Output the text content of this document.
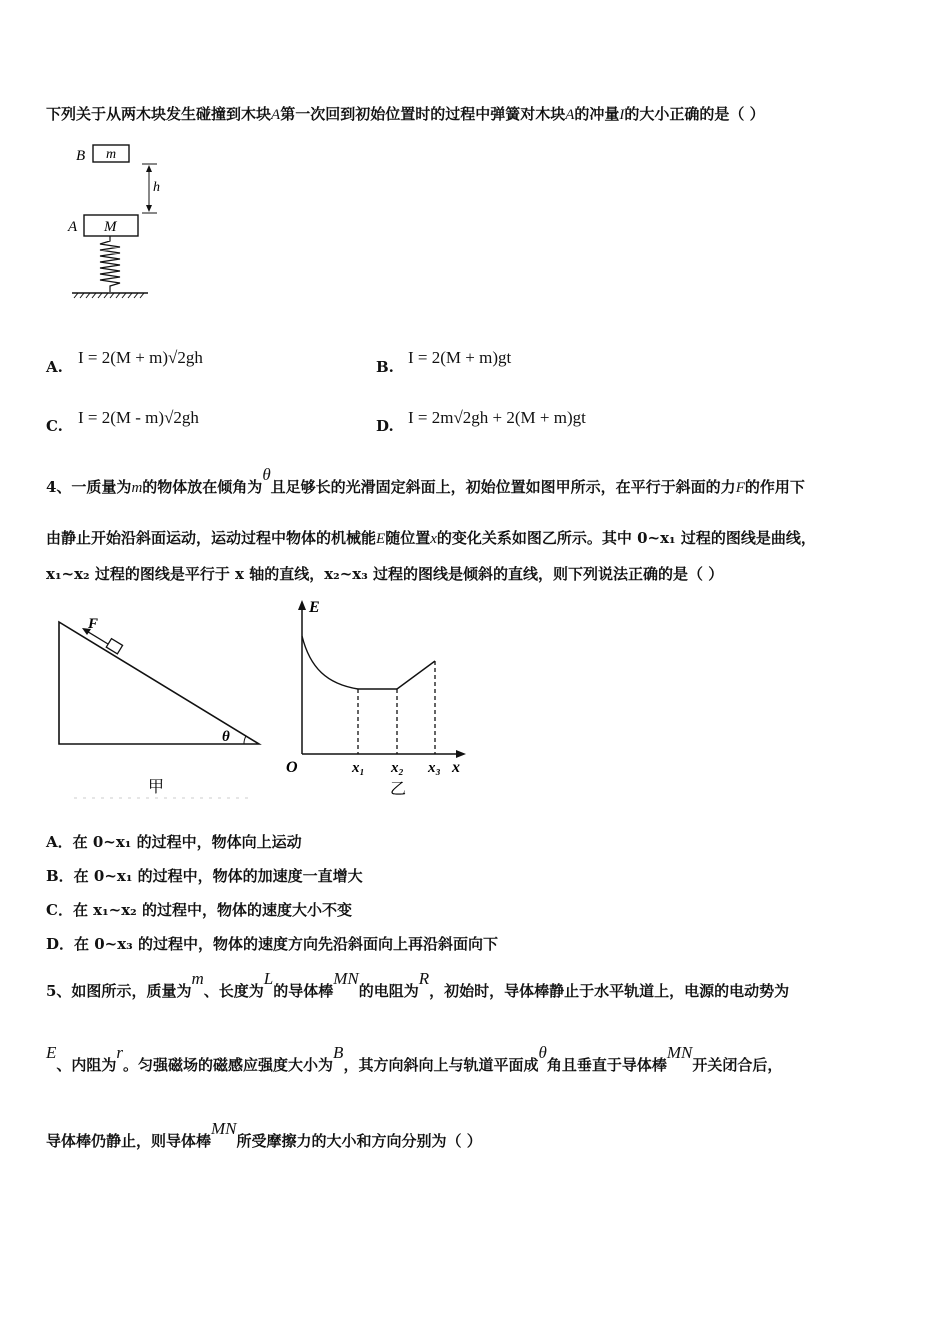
下列关于从两木块发生碰撞到木块A第一次回到初始位置时的过程中弹簧对木块A的冲量I的大小正确的是（ ）
B m
h
A M
A. I = 2(M + m)√2gh	B. I = 2(M + m)gt
C. I = 2(M - m)√2gh	D. I = 2m√2gh + 2(M + m)gt
4、一质量为m的物体放在倾角为θ且足够长的光滑固定斜面上，初始位置如图甲所示，在平行于斜面的力F的作用下
由静止开始沿斜面运动，运动过程中物体的机械能E随位置x的变化关系如图乙所示。其中 0~x₁ 过程的图线是曲线，
x₁~x₂ 过程的图线是平行于 x 轴的直线，x₂~x₃ 过程的图线是倾斜的直线，则下列说法正确的是（ ）
F
θ
甲
E
O	x₁ x₂ x₃ x
乙
A．在 0~x₁ 的过程中，物体向上运动
B．在 0~x₁ 的过程中，物体的加速度一直增大
C．在 x₁~x₂ 的过程中，物体的速度大小不变
D．在 0~x₃ 的过程中，物体的速度方向先沿斜面向上再沿斜面向下
5、如图所示，质量为m、长度为L的导体棒MN的电阻为R，初始时，导体棒静止于水平轨道上，电源的电动势为
E、内阻为r。匀强磁场的磁感应强度大小为B，其方向斜向上与轨道平面成θ角且垂直于导体棒MN开关闭合后，
导体棒仍静止，则导体棒MN所受摩擦力的大小和方向分别为（ ）
